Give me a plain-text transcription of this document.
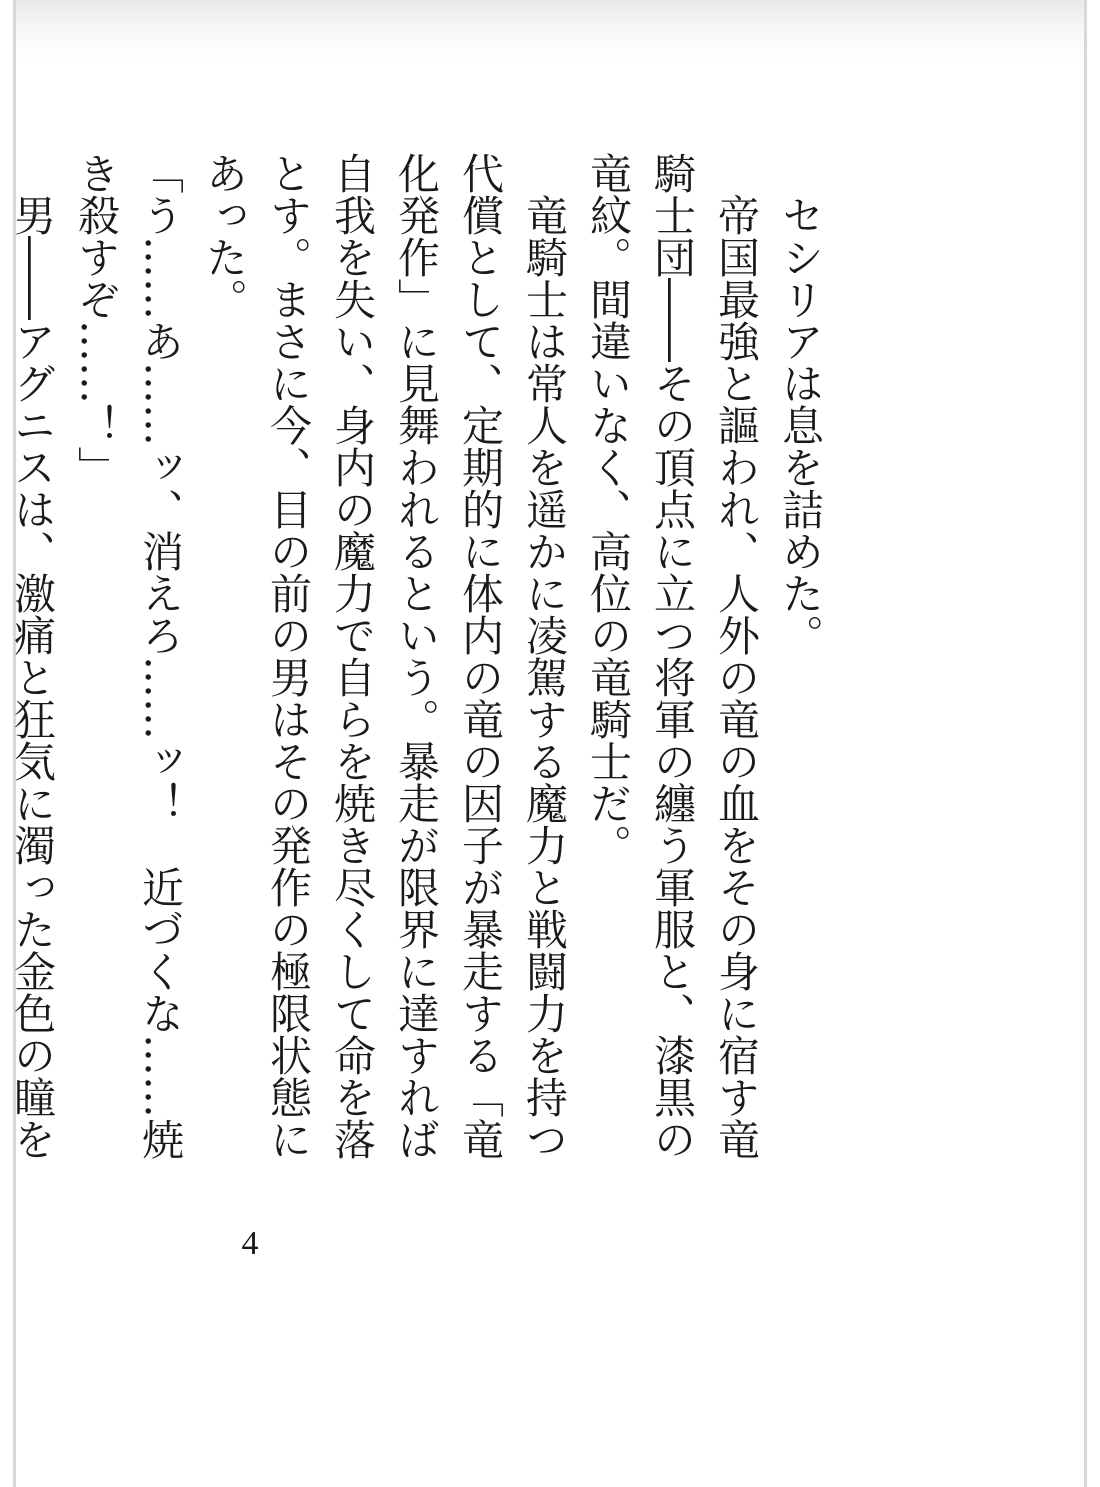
セシリアは息を詰めた。

帝国最強と謳われ、人外の竜の血をその身に宿す竜騎士団――その頂点に立つ将軍の纏う軍服と、漆黒の竜紋。間違いなく、高位の竜騎士だ。

竜騎士は常人を遥かに凌駕する魔力と戦闘力を持つ代償として、定期的に体内の竜の因子が暴走する「竜化発作」に見舞われるという。暴走が限界に達すれば自我を失い、身内の魔力で自らを焼き尽くして命を落とす。まさに今、目の前の男はその発作の極限状態にあった。

「う……あ……ッ、消えろ……ッ！　近づくな……焼き殺すぞ……！」

男――アグニスは、激痛と狂気に濁った金色の瞳を

4
